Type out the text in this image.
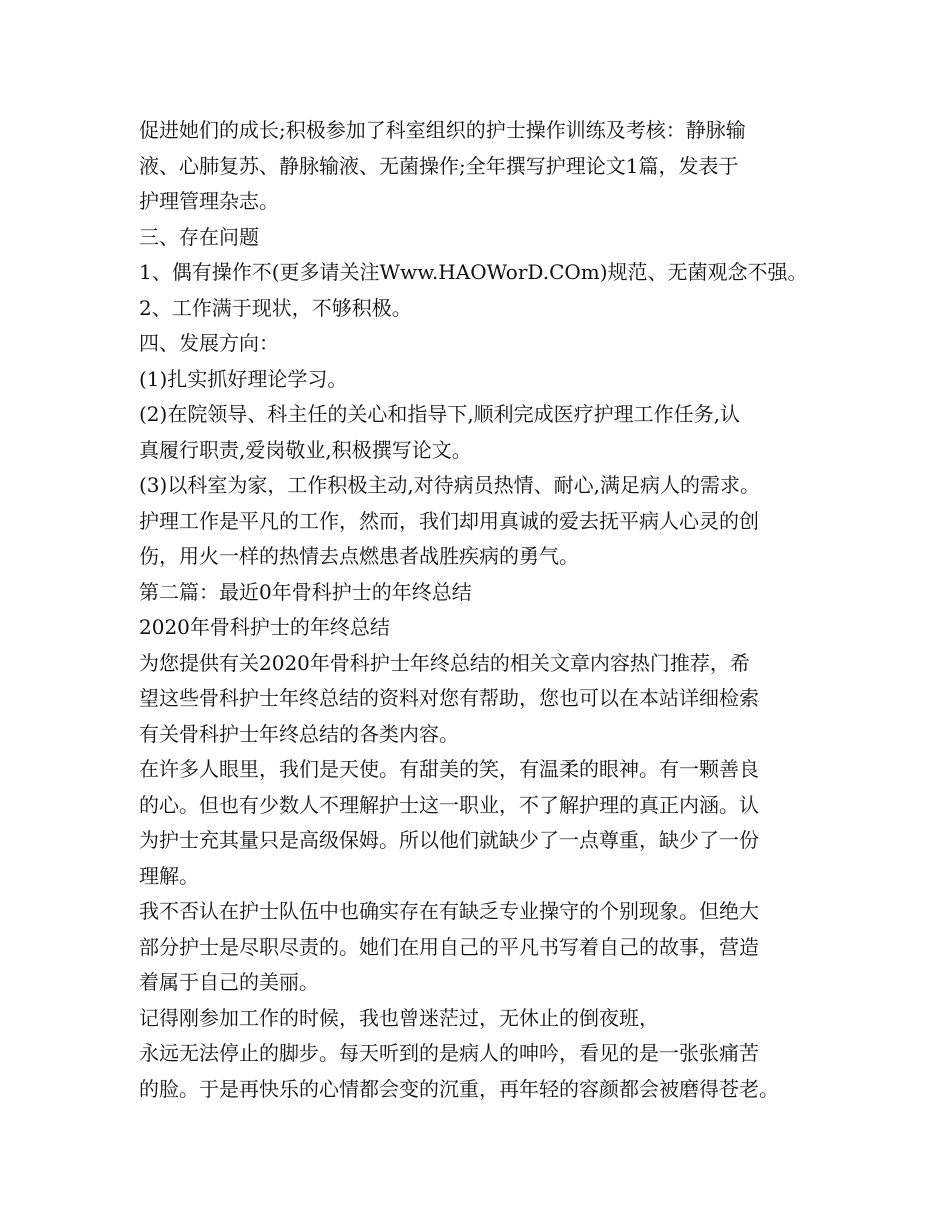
促进她们的成长;积极参加了科室组织的护士操作训练及考核：静脉输
液、心肺复苏、静脉输液、无菌操作;全年撰写护理论文1篇，发表于
护理管理杂志。
三、存在问题
1、偶有操作不(更多请关注Www.HAOWorD.COm)规范、无菌观念不强。
2、工作满于现状，不够积极。
四、发展方向：
(1)扎实抓好理论学习。
(2)在院领导、科主任的关心和指导下,顺利完成医疗护理工作任务,认
真履行职责,爱岗敬业,积极撰写论文。
(3)以科室为家，工作积极主动,对待病员热情、耐心,满足病人的需求。
护理工作是平凡的工作，然而，我们却用真诚的爱去抚平病人心灵的创
伤，用火一样的热情去点燃患者战胜疾病的勇气。
第二篇：最近0年骨科护士的年终总结
2020年骨科护士的年终总结
为您提供有关2020年骨科护士年终总结的相关文章内容热门推荐，希
望这些骨科护士年终总结的资料对您有帮助，您也可以在本站详细检索
有关骨科护士年终总结的各类内容。
在许多人眼里，我们是天使。有甜美的笑，有温柔的眼神。有一颗善良
的心。但也有少数人不理解护士这一职业，不了解护理的真正内涵。认
为护士充其量只是高级保姆。所以他们就缺少了一点尊重，缺少了一份
理解。
我不否认在护士队伍中也确实存在有缺乏专业操守的个别现象。但绝大
部分护士是尽职尽责的。她们在用自己的平凡书写着自己的故事，营造
着属于自己的美丽。
记得刚参加工作的时候，我也曾迷茫过，无休止的倒夜班，
永远无法停止的脚步。每天听到的是病人的呻吟，看见的是一张张痛苦
的脸。于是再快乐的心情都会变的沉重，再年轻的容颜都会被磨得苍老。
